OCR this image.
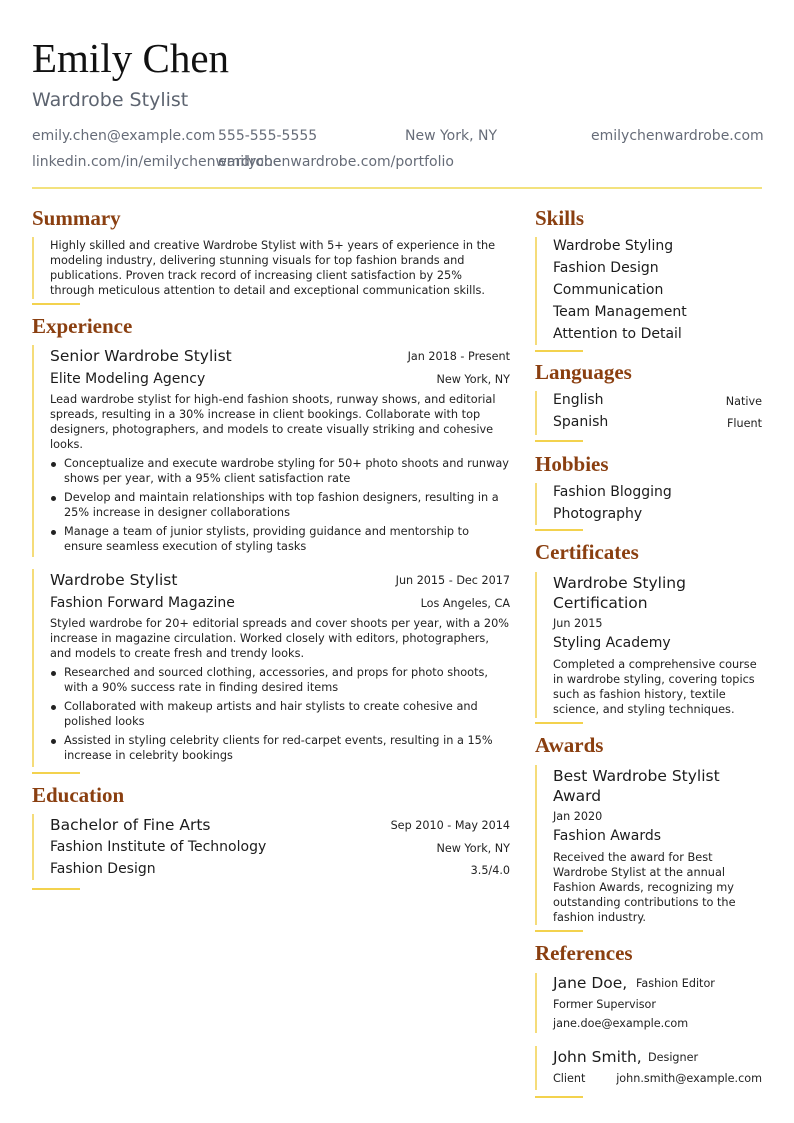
Emily Chen
Wardrobe Stylist
emily.chen@example.com 555-555-5555	New York, NY	emilychenwardrobe.com
linkedin.com/in/emilychenwardrobe
emilychenwardrobe.com/portfolio
Summary
Highly skilled and creative Wardrobe Stylist with 5+ years of experience in the modeling industry, delivering stunning visuals for top fashion brands and publications. Proven track record of increasing client satisfaction by 25% through meticulous attention to detail and exceptional communication skills.
Experience
Senior Wardrobe Stylist	Jan 2018 - Present
Elite Modeling Agency	New York, NY
Lead wardrobe stylist for high-end fashion shoots, runway shows, and editorial spreads, resulting in a 30% increase in client bookings. Collaborate with top designers, photographers, and models to create visually striking and cohesive looks.
Conceptualize and execute wardrobe styling for 50+ photo shoots and runway shows per year, with a 95% client satisfaction rate
Develop and maintain relationships with top fashion designers, resulting in a 25% increase in designer collaborations
Manage a team of junior stylists, providing guidance and mentorship to ensure seamless execution of styling tasks
Wardrobe Stylist	Jun 2015 - Dec 2017
Fashion Forward Magazine	Los Angeles, CA
Styled wardrobe for 20+ editorial spreads and cover shoots per year, with a 20% increase in magazine circulation. Worked closely with editors, photographers, and models to create fresh and trendy looks.
Researched and sourced clothing, accessories, and props for photo shoots, with a 90% success rate in finding desired items
Collaborated with makeup artists and hair stylists to create cohesive and polished looks
Assisted in styling celebrity clients for red-carpet events, resulting in a 15% increase in celebrity bookings
Education
Bachelor of Fine Arts	Sep 2010 - May 2014
Fashion Institute of Technology	New York, NY
Fashion Design	3.5/4.0
Skills
Wardrobe Styling
Fashion Design
Communication
Team Management
Attention to Detail
Languages
English	Native
Spanish	Fluent
Hobbies
Fashion Blogging
Photography
Certificates
Wardrobe Styling Certification
Jun 2015
Styling Academy
Completed a comprehensive course in wardrobe styling, covering topics such as fashion history, textile science, and styling techniques.
Awards
Best Wardrobe Stylist Award
Jan 2020
Fashion Awards
Received the award for Best Wardrobe Stylist at the annual Fashion Awards, recognizing my outstanding contributions to the fashion industry.
References
Jane Doe, Fashion Editor
Former Supervisor
jane.doe@example.com
John Smith, Designer
Client	john.smith@example.com
